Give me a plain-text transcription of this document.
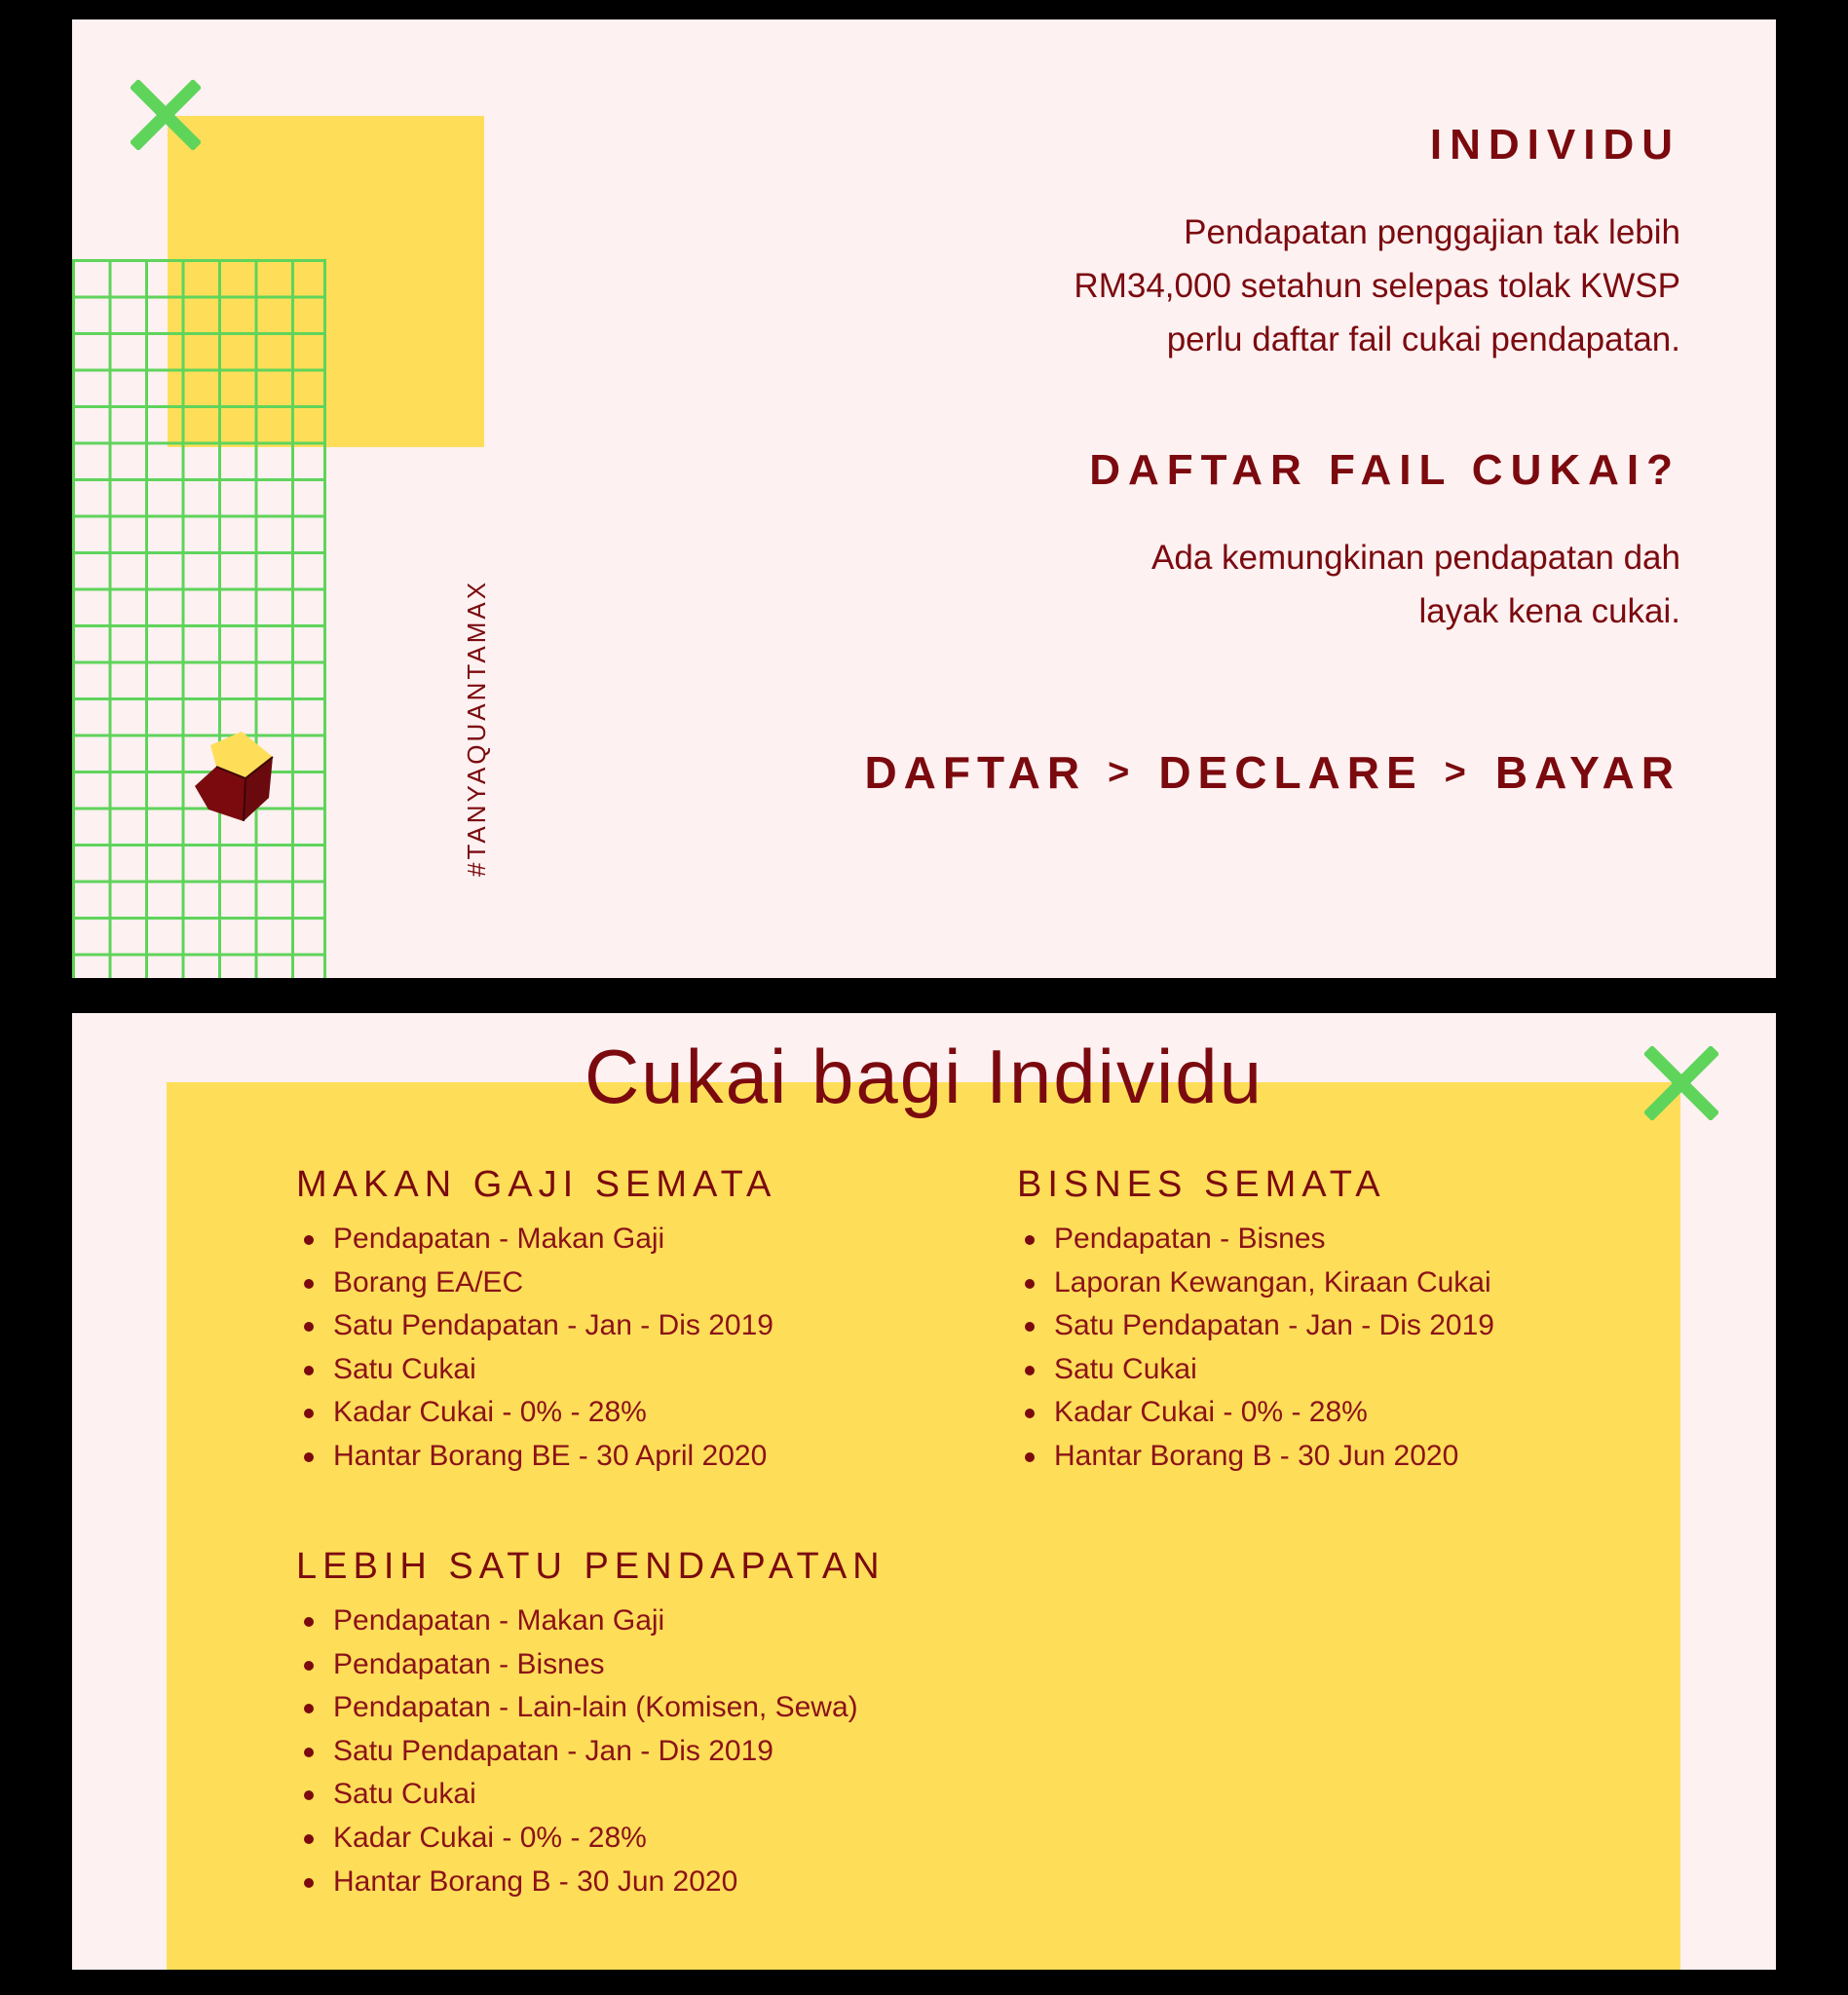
#TANYAQUANTAMAX
INDIVIDU

Pendapatan penggajian tak lebih
RM34,000 setahun selepas tolak KWSP
perlu daftar fail cukai pendapatan.

DAFTAR FAIL CUKAI?

Ada kemungkinan pendapatan dah
layak kena cukai.

DAFTAR > DECLARE > BAYAR
Cukai bagi Individu
MAKAN GAJI SEMATA
Pendapatan - Makan Gaji
Borang EA/EC
Satu Pendapatan - Jan - Dis 2019
Satu Cukai
Kadar Cukai - 0% - 28%
Hantar Borang BE - 30 April 2020
BISNES SEMATA
Pendapatan - Bisnes
Laporan Kewangan, Kiraan Cukai
Satu Pendapatan - Jan - Dis 2019
Satu Cukai
Kadar Cukai - 0% - 28%
Hantar Borang B - 30 Jun 2020
LEBIH SATU PENDAPATAN
Pendapatan - Makan Gaji
Pendapatan - Bisnes
Pendapatan - Lain-lain (Komisen, Sewa)
Satu Pendapatan - Jan - Dis 2019
Satu Cukai
Kadar Cukai - 0% - 28%
Hantar Borang B - 30 Jun 2020
